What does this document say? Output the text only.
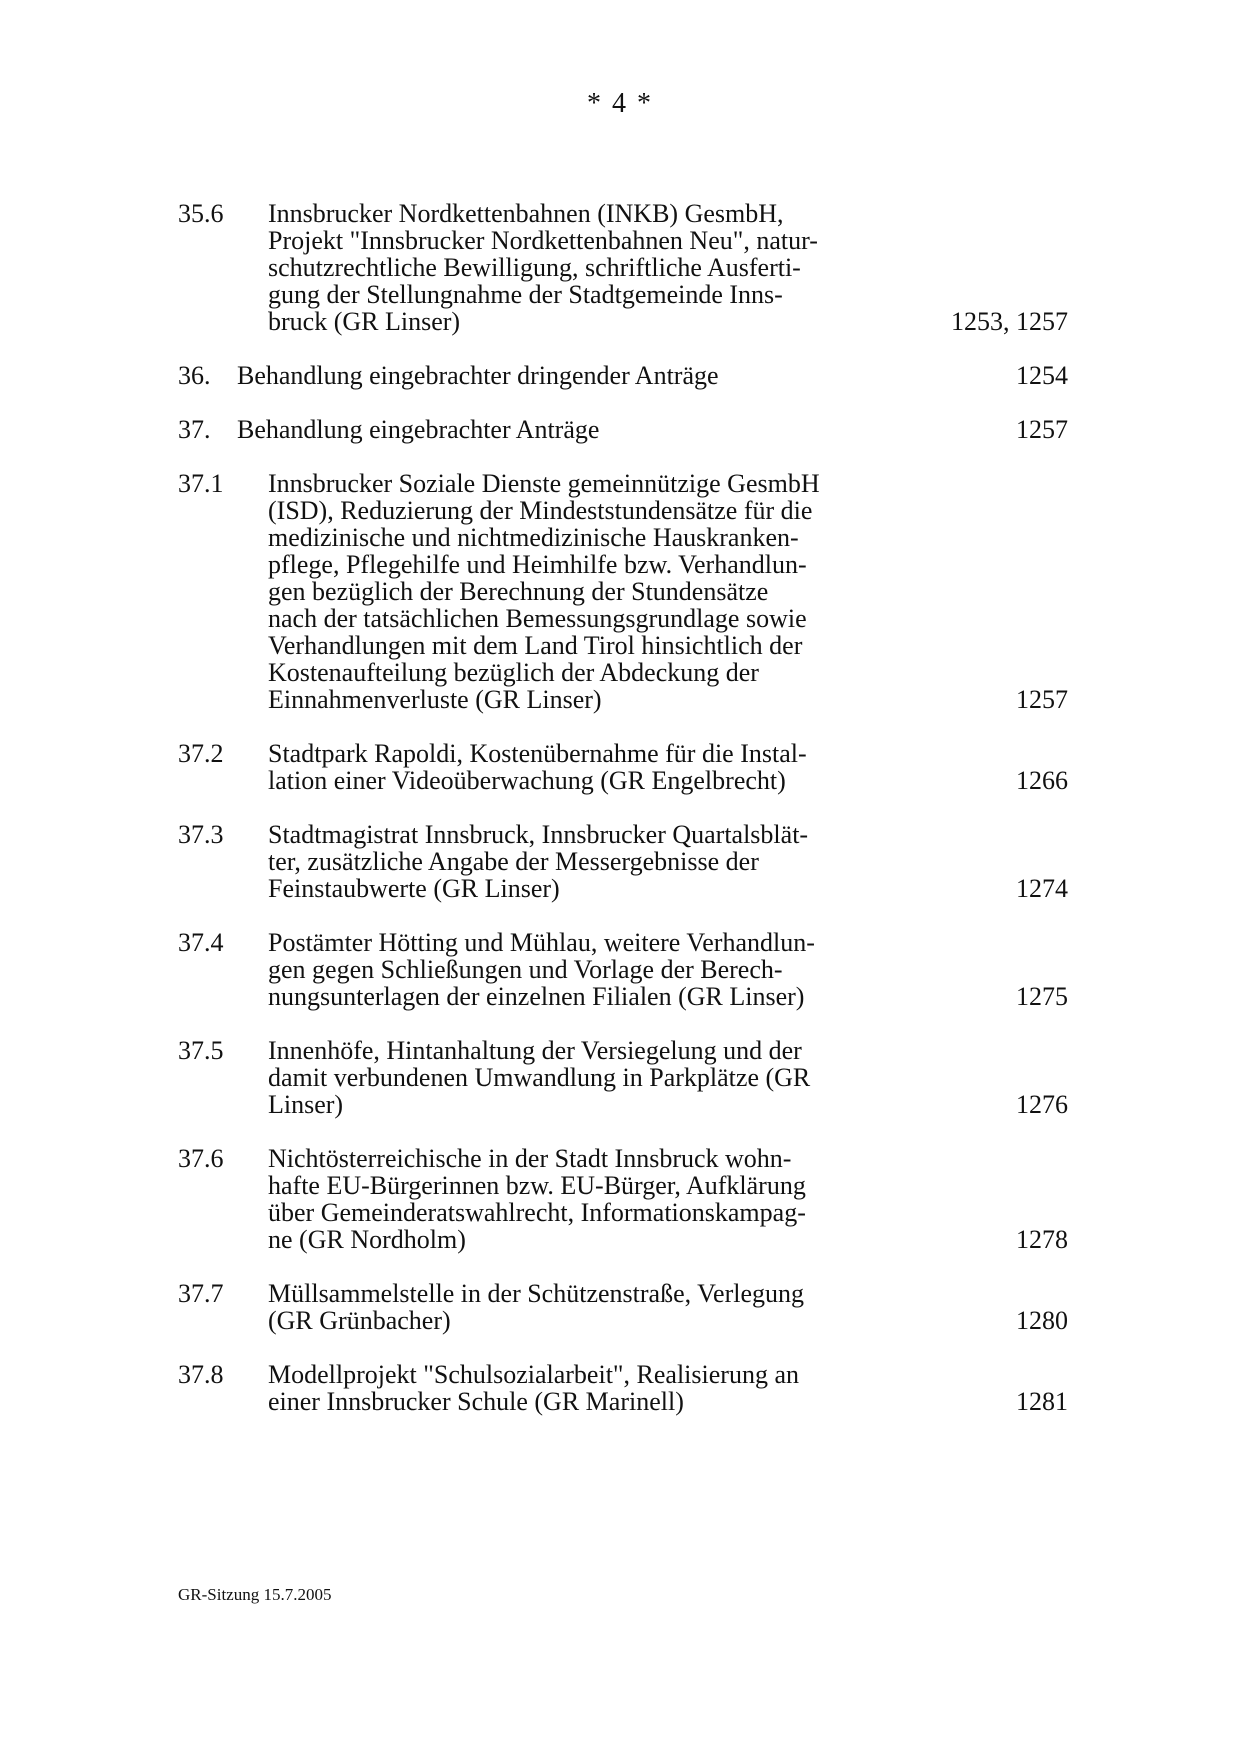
* 4 *
35.6 Innsbrucker Nordkettenbahnen (INKB) GesmbH,
Projekt "Innsbrucker Nordkettenbahnen Neu", natur-
schutzrechtliche Bewilligung, schriftliche Ausferti-
gung der Stellungnahme der Stadtgemeinde Inns-
bruck (GR Linser)	1253, 1257
36. Behandlung eingebrachter dringender Anträge	1254
37. Behandlung eingebrachter Anträge	1257
37.1 Innsbrucker Soziale Dienste gemeinnützige GesmbH
(ISD), Reduzierung der Mindeststundensätze für die
medizinische und nichtmedizinische Hauskranken-
pflege, Pflegehilfe und Heimhilfe bzw. Verhandlun-
gen bezüglich der Berechnung der Stundensätze
nach der tatsächlichen Bemessungsgrundlage sowie
Verhandlungen mit dem Land Tirol hinsichtlich der
Kostenaufteilung bezüglich der Abdeckung der
Einnahmenverluste (GR Linser)	1257
37.2 Stadtpark Rapoldi, Kostenübernahme für die Instal-
lation einer Videoüberwachung (GR Engelbrecht)	1266
37.3 Stadtmagistrat Innsbruck, Innsbrucker Quartalsblät-
ter, zusätzliche Angabe der Messergebnisse der
Feinstaubwerte (GR Linser)	1274
37.4 Postämter Hötting und Mühlau, weitere Verhandlun-
gen gegen Schließungen und Vorlage der Berech-
nungsunterlagen der einzelnen Filialen (GR Linser)	1275
37.5 Innenhöfe, Hintanhaltung der Versiegelung und der
damit verbundenen Umwandlung in Parkplätze (GR
Linser)	1276
37.6 Nichtösterreichische in der Stadt Innsbruck wohn-
hafte EU-Bürgerinnen bzw. EU-Bürger, Aufklärung
über Gemeinderatswahlrecht, Informationskampag-
ne (GR Nordholm)	1278
37.7 Müllsammelstelle in der Schützenstraße, Verlegung
(GR Grünbacher)	1280
37.8 Modellprojekt "Schulsozialarbeit", Realisierung an
einer Innsbrucker Schule (GR Marinell)	1281
GR-Sitzung 15.7.2005
